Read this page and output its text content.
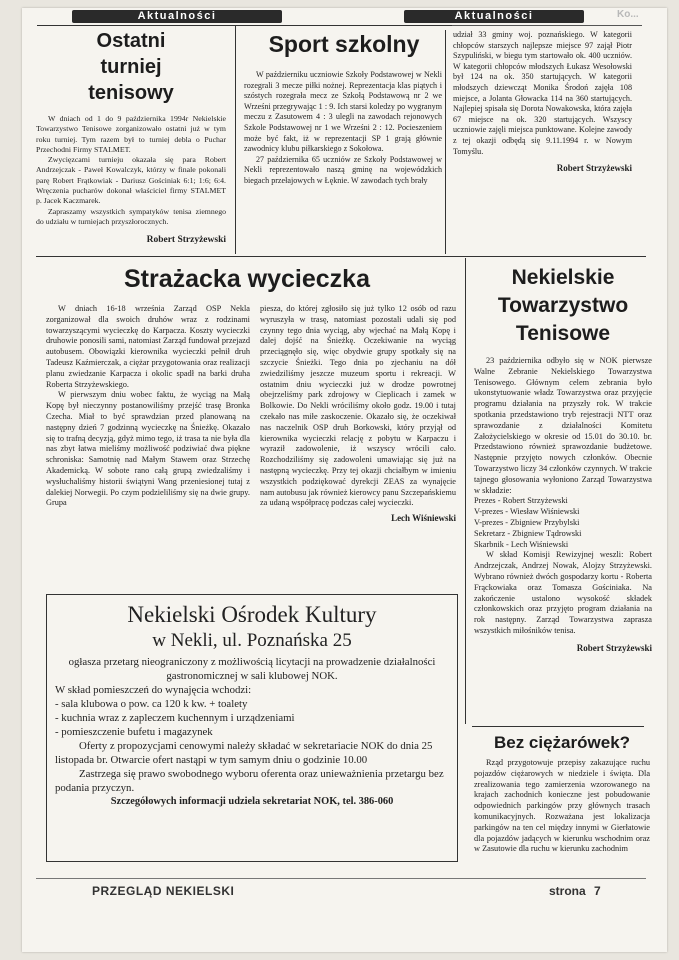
Aktualności	Aktualności	Ko...
Ostatni turniej tenisowy

W dniach od 1 do 9 października 1994r Nekielskie Towarzystwo Tenisowe zorganizowało ostatni już w tym roku turniej. Tym razem był to turniej debla o Puchar Przechodni Firmy STALMET.

Zwycięzcami turnieju okazała się para Robert Andrzejczak - Paweł Kowalczyk, którzy w finale pokonali parę Robert Frątkowiak - Dariusz Gościniak 6:1; 1:6; 6:4. Wręczenia pucharów dokonał właściciel firmy STALMET p. Jacek Kaczmarek.

Zapraszamy wszystkich sympatyków tenisa ziemnego do udziału w turniejach przyszłorocznych.

Robert Strzyżewski

Sport szkolny

W październiku uczniowie Szkoły Podstawowej w Nekli rozegrali 3 mecze piłki nożnej. Reprezentacja klas piątych i szóstych rozegrała mecz ze Szkołą Podstawową nr 2 we Wrześni przegrywając 1 : 9. Ich starsi koledzy po wygranym meczu z Zasutowem 4 : 3 ulegli na zawodach rejonowych Szkole Podstawowej nr 1 we Wrześni 2 : 12. Pocieszeniem może być fakt, iż w reprezentacji SP 1 grają głównie zawodnicy klubu piłkarskiego z Sokołowa.

27 października 65 uczniów ze Szkoły Podstawowej w Nekli reprezentowało naszą gminę na wojewódzkich biegach przełajowych w Łęknie. W zawodach tych brały

udział 33 gminy woj. poznańskiego. W kategorii chłopców starszych najlepsze miejsce 97 zajął Piotr Szypuliński, w biegu tym startowało ok. 400 uczniów. W kategorii chłopców młodszych Łukasz Wesołowski był 124 na ok. 350 startujących. W kategorii młodszych dziewcząt Monika Środoń zajęła 108 miejsce, a Jolanta Głowacka 114 na 360 startujących. Najlepiej spisała się Dorota Nowakowska, która zajęła 67 miejsce na ok. 320 startujących. Wszyscy uczniowie zajęli miejsca punktowane. Kolejne zawody z tej okazji odbędą się 9.11.1994 r. w Nowym Tomyślu.

Robert Strzyżewski

Strażacka wycieczka

W dniach 16-18 września Zarząd OSP Nekla zorganizował dla swoich druhów wraz z rodzinami towarzyszącymi wycieczkę do Karpacza. Koszty wycieczki druhowie ponosili sami, natomiast Zarząd fundował przejazd autobusem. Obowiązki kierownika wycieczki pełnił druh Tadeusz Kaźmierczak, a ciężar przygotowania oraz realizacji planu zwiedzanie Karpacza i okolic spadł na barki druha Roberta Strzyżewskiego.

W pierwszym dniu wobec faktu, że wyciąg na Małą Kopę był nieczynny postanowiliśmy przejść trasę Bronka Czecha. Miał to być sprawdzian przed planowaną na następny dzień 7 godzinną wycieczkę na Śnieżkę. Okazało się to trafną decyzją, gdyż mimo tego, iż trasa ta nie była dla nas zbyt łatwa mieliśmy możliwość podziwiać dwa piękne schroniska: Samotnię nad Małym Stawem oraz Strzechę Akademicką. W sobote rano całą grupą zwiedzaliśmy i wysłuchaliśmy historii świątyni Wang przeniesionej tutaj z dalekiej Norwegii. Po czym podzieliliśmy się na dwie grupy. Grupa

piesza, do której zgłosiło się już tylko 12 osób od razu wyruszyła w trasę, natomiast pozostali udali się pod czynny tego dnia wyciąg, aby wjechać na Małą Kopę i dalej dojść na Śnieżkę. Oczekiwanie na wyciąg przeciągnęło się, więc obydwie grupy spotkały się na szczycie Śnieżki. Tego dnia po zjechaniu na dół zwiedziliśmy jeszcze muzeum sportu i rekreacji. W ostatnim dniu wycieczki już w drodze powrotnej obejrzeliśmy park zdrojowy w Cieplicach i zamek w Bolkowie. Do Nekli wróciliśmy około godz. 19.00 i tutaj czekało nas miłe zaskoczenie. Okazało się, że oczekiwał nas naczelnik OSP druh Borkowski, który przyjął od kierownika wycieczki relację z pobytu w Karpaczu i wyraził zadowolenie, iż wszyscy wrócili cało. Rozchodziliśmy się zadowoleni umawiając się już na następną wycieczkę. Przy tej okazji chciałbym w imieniu wszystkich podziękować dyrekcji ZEAS za wynajęcie nam autobusu jak również kierowcy panu Szczepańskiemu za udaną współpracę podczas całej wycieczki.

Lech Wiśniewski

Nekielski Ośrodek Kultury
w Nekli, ul. Poznańska 25

ogłasza przetarg nieograniczony z możliwością licytacji na prowadzenie działalności gastronomicznej w sali klubowej NOK.

W skład pomieszczeń do wynajęcia wchodzi:

- sala klubowa o pow. ca 120 k kw. + toalety

- kuchnia wraz z zapleczem kuchennym i urządzeniami

- pomieszczenie bufetu i magazynek

Oferty z propozycjami cenowymi należy składać w sekretariacie NOK do dnia 25 listopada br. Otwarcie ofert nastąpi w tym samym dniu o godzinie 10.00

Zastrzega się prawo swobodnego wyboru oferenta oraz unieważnienia przetargu bez podania przyczyn.

Szczegółowych informacji udziela sekretariat NOK, tel. 386-060

Nekielskie Towarzystwo Tenisowe

23 października odbyło się w NOK pierwsze Walne Zebranie Nekielskiego Towarzystwa Tenisowego. Głównym celem zebrania było ukonstytuowanie władz Towarzystwa oraz przyjęcie programu działania na przyszły rok. W trakcie spotkania przedstawiono tryb rejestracji NTT oraz sprawozdanie z działalności Komitetu Założycielskiego w okresie od 15.01 do 30.10. br. Przedstawiono również sprawozdanie budżetowe. Następnie przyjęto nowych członków. Obecnie Towarzystwo liczy 34 członków czynnych. W trakcie tajnego głosowania wyłoniono Zarząd Towarzystwa w składzie:

Prezes - Robert Strzyżewski

V-prezes - Wiesław Wiśniewski

V-prezes - Zbigniew Przybylski

Sekretarz - Zbigniew Tądrowski

Skarbnik - Lech Wiśniewski

W skład Komisji Rewizyjnej weszli: Robert Andrzejczak, Andrzej Nowak, Alojzy Strzyżewski. Wybrano również dwóch gospodarzy kortu - Roberta Frąckowiaka oraz Tomasza Gościniaka. Na zakończenie ustalono wysokość składek członkowskich oraz przyjęto program działania na rok następny. Zarząd Towarzystwa zaprasza wszystkich miłośników tenisa.

Robert Strzyżewski

Bez ciężarówek?

Rząd przygotowuje przepisy zakazujące ruchu pojazdów ciężarowych w niedziele i święta. Dla zrealizowania tego zamierzenia wzorowanego na krajach zachodnich konieczne jest pobudowanie odpowiednich parkingów przy głównych trasach komunikacyjnych. Rozważana jest lokalizacja parkingów na ten cel między innymi w Gierłatowie dla pojazdów jadących w kierunku wschodnim oraz w Zasutowie dla ruchu w kierunku zachodnim

PRZEGLĄD NEKIELSKI	strona 7
